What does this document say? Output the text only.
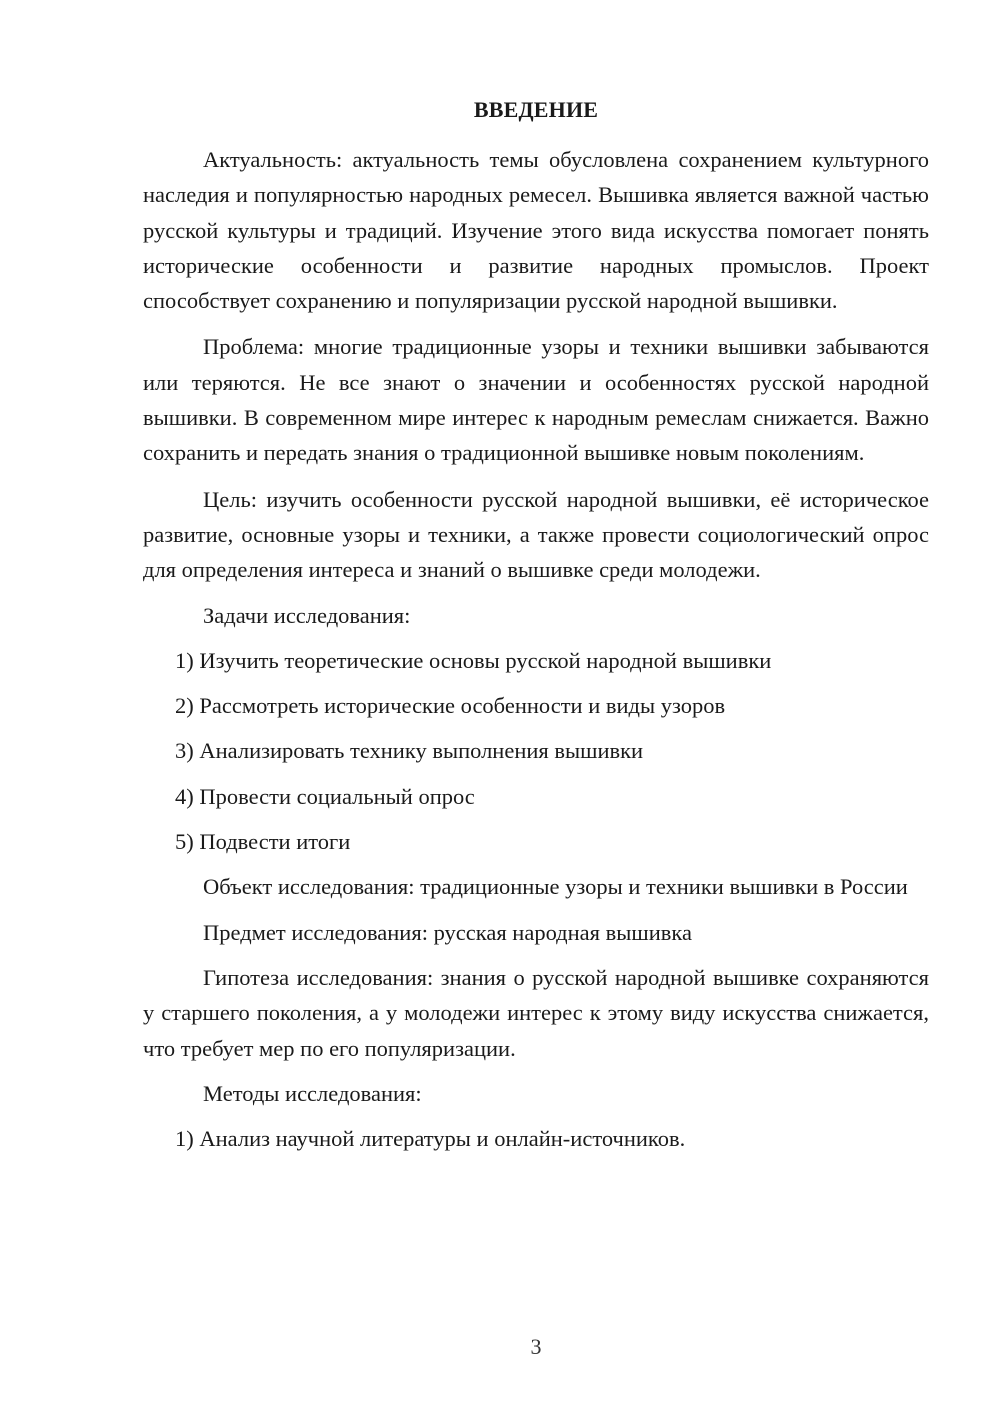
ВВЕДЕНИЕ

Актуальность: актуальность темы обусловлена сохранением культурного наследия и популярностью народных ремесел. Вышивка является важной частью русской культуры и традиций. Изучение этого вида искусства помогает понять исторические особенности и развитие народных промыслов. Проект способствует сохранению и популяризации русской народной вышивки.

Проблема: многие традиционные узоры и техники вышивки забываются или теряются. Не все знают о значении и особенностях русской народной вышивки. В современном мире интерес к народным ремеслам снижается. Важно сохранить и передать знания о традиционной вышивке новым поколениям.

Цель: изучить особенности русской народной вышивки, её историческое развитие, основные узоры и техники, а также провести социологический опрос для определения интереса и знаний о вышивке среди молодежи.

Задачи исследования:

1) Изучить теоретические основы русской народной вышивки

2) Рассмотреть исторические особенности и виды узоров

3) Анализировать технику выполнения вышивки

4) Провести социальный опрос

5) Подвести итоги

Объект исследования: традиционные узоры и техники вышивки в России

Предмет исследования: русская народная вышивка

Гипотеза исследования: знания о русской народной вышивке сохраняются у старшего поколения, а у молодежи интерес к этому виду искусства снижается, что требует мер по его популяризации.

Методы исследования:

1) Анализ научной литературы и онлайн-источников.

3
